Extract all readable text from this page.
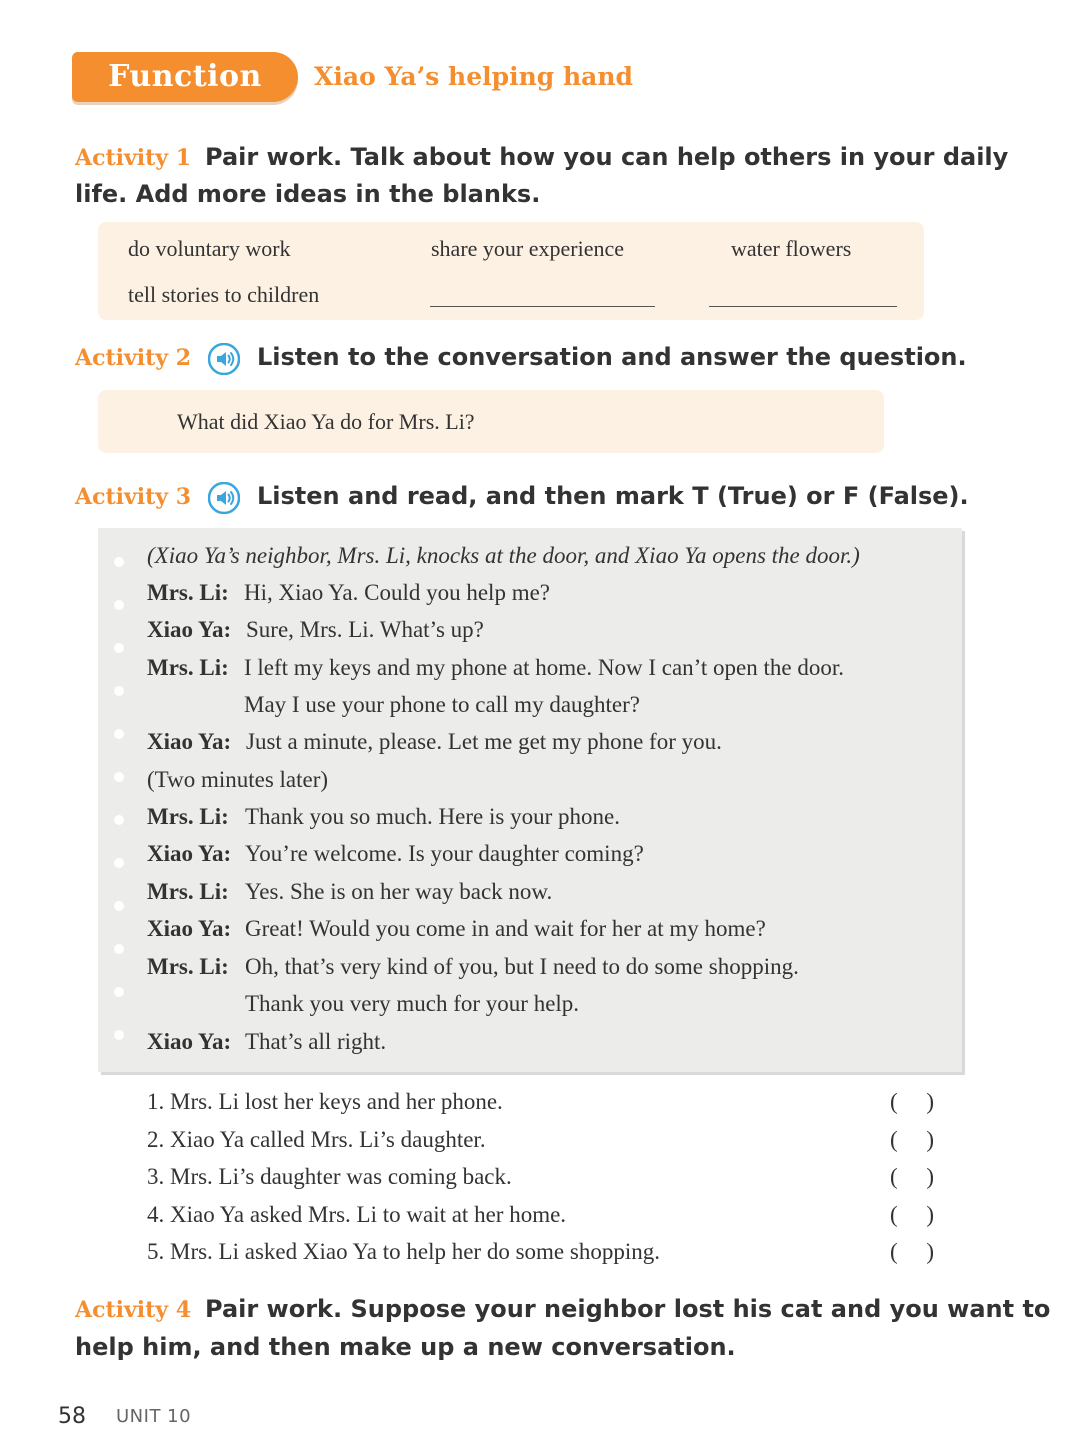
Function	Xiao Ya’s helping hand
Activity 1 Pair work. Talk about how you can help others in your daily
life. Add more ideas in the blanks.
do voluntary work	share your experience	water flowers
tell stories to children
Activity 2	Listen to the conversation and answer the question.
What did Xiao Ya do for Mrs. Li?
Activity 3	Listen and read, and then mark T (True) or F (False).
(Xiao Ya’s neighbor, Mrs. Li, knocks at the door, and Xiao Ya opens the door.)
Mrs. Li: Hi, Xiao Ya. Could you help me?
Xiao Ya: Sure, Mrs. Li. What’s up?
Mrs. Li: I left my keys and my phone at home. Now I can’t open the door.
May I use your phone to call my daughter?
Xiao Ya: Just a minute, please. Let me get my phone for you.
(Two minutes later)
Mrs. Li: Thank you so much. Here is your phone.
Xiao Ya: You’re welcome. Is your daughter coming?
Mrs. Li: Yes. She is on her way back now.
Xiao Ya: Great! Would you come in and wait for her at my home?
Mrs. Li: Oh, that’s very kind of you, but I need to do some shopping.
Thank you very much for your help.
Xiao Ya: That’s all right.
1. Mrs. Li lost her keys and her phone.	(     )
2. Xiao Ya called Mrs. Li’s daughter.	(     )
3. Mrs. Li’s daughter was coming back.	(     )
4. Xiao Ya asked Mrs. Li to wait at her home.	(     )
5. Mrs. Li asked Xiao Ya to help her do some shopping.	(     )
Activity 4 Pair work. Suppose your neighbor lost his cat and you want to
help him, and then make up a new conversation.
58 UNIT 10
